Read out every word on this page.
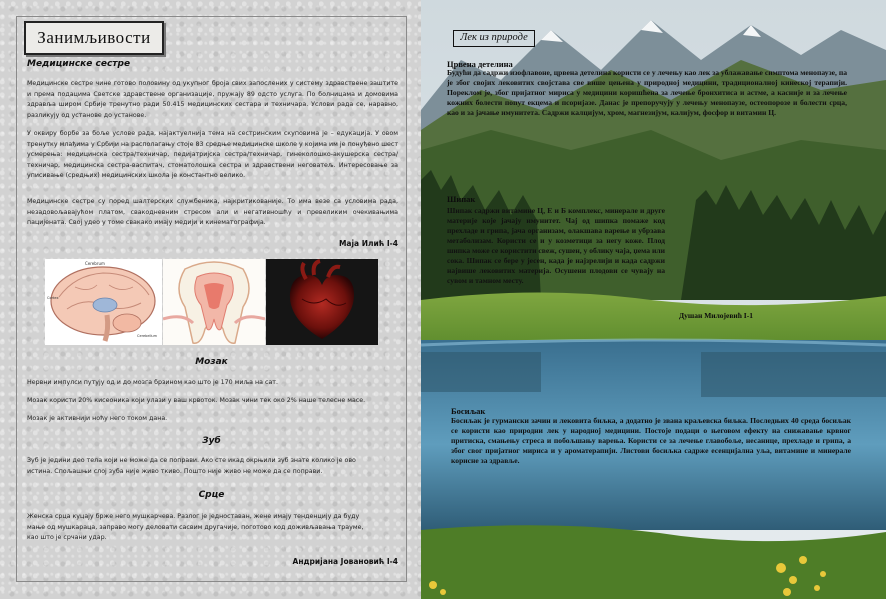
Занимљивости
Медицинске сестре

Медицинске сестре чине готово половину од укупног броја свих запослених у систему здравствене заштите и према подацима Светске здравствене организације, пружају 89 одсто услуга. По болницама и домовима здравља широм Србије тренутно ради 50.415 медицинских сестара и техничара. Услови рада се, наравно, разликују од установе до установе.

У оквиру борбе за боље услове рада, најактуелнија тема на сестринским скуповима је – едукација. У овом тренутку млађима у Србији на располагању стоје 83 средње медицинске школе у којима им је понуђено шест усмерења: медицинска сестра/техничар, педијатријска сестра/техничар, гинеколошко-акушерска сестра/техничар, медицинска сестра-васпитач, стоматолошка сестра и здравствени неговатељ. Интересовање за уписивање (средњих) медицинских школа је константно велико.

Медицинске сестре су поред шалтерских службеника, најкритикованије. То има везе са условима рада, незадовољавајућом платом, свакодневним стресом али и негативношћу и превеликим очекивањима пацијената. Свој удео у томе свакако имају медији и кинематографија.

Маја Илић I-4
Cerebrum
Cortex
Cerebellum
Мозак

Нервни импулси путују од и до мозга брзином као што је 170 миља на сат.

Мозак користи 20% кисеоника који улази у ваш крвоток. Мозак чини тек око 2% наше телесне масе.

Мозак је активнији ноћу него током дана.

Зуб

Зуб је једини део тела који не може да се поправи. Ако сте икад окрњили зуб знате колико је ово истина. Спољашњи слој зуба није живо ткиво. Пошто није живо не може да се поправи.

Срце

Женска срца куцају брже него мушкарчева. Разлог је једноставан, жене имају тенденцију да буду мање од мушкараца, заправо могу деловати сасвим другачије, поготово код доживљавања трауме, као што је срчани удар.

Андријана Јовановић I-4
Лек из природе
Црвена детелина

Будући да садржи изофлавоне, црвена детелина користи се у лечењу као лек за ублажавање симптома менопаузе, па је због својих лековитих својстава све више цењена у природној медицини, традиционалној кинеској терапији. Пореклом је, због пријатног мириса у медицини коришћена за лечење бронхитиса и астме, а касније и за лечење кожних болести попут екцема и псоријазе. Данас је препоручују у лечењу менопаузе, остеопорозе и болести срца, као и за јачање имунитета. Садржи калцијум, хром, магнезијум, калијум, фосфор и витамин Ц.

Шипак

Шипак садржи витамине Ц, Е и Б комплекс, минерале и друге материје које јачају имунитет. Чај од шипка помаже код прехладе и грипа, јача организам, олакшава варење и убрзава метаболизам. Користи се и у козметици за негу коже. Плод шипка може се користити свеж, сушен, у облику чаја, џема или сока. Шипак се бере у јесен, када је најзрелији и када садржи највише лековитих материја. Осушени плодови се чувају на сувом и тамном месту.

Душан Милојевић I-1
Босиљак

Босиљак је гурмански зачин и лековита биљка, а додатно је звана краљевска биљка. Последњих 40 среда босиљак се користи као природни лек у народној медицини. Постоје подаци о његовом ефекту на снижавање крвног притиска, смањењу стреса и побољшању варења. Користи се за лечење главобоље, несанице, прехладе и грипа, а због свог пријатног мириса и у ароматерапији. Листови босиљка садрже есенцијална уља, витамине и минерале корисне за здравље.
